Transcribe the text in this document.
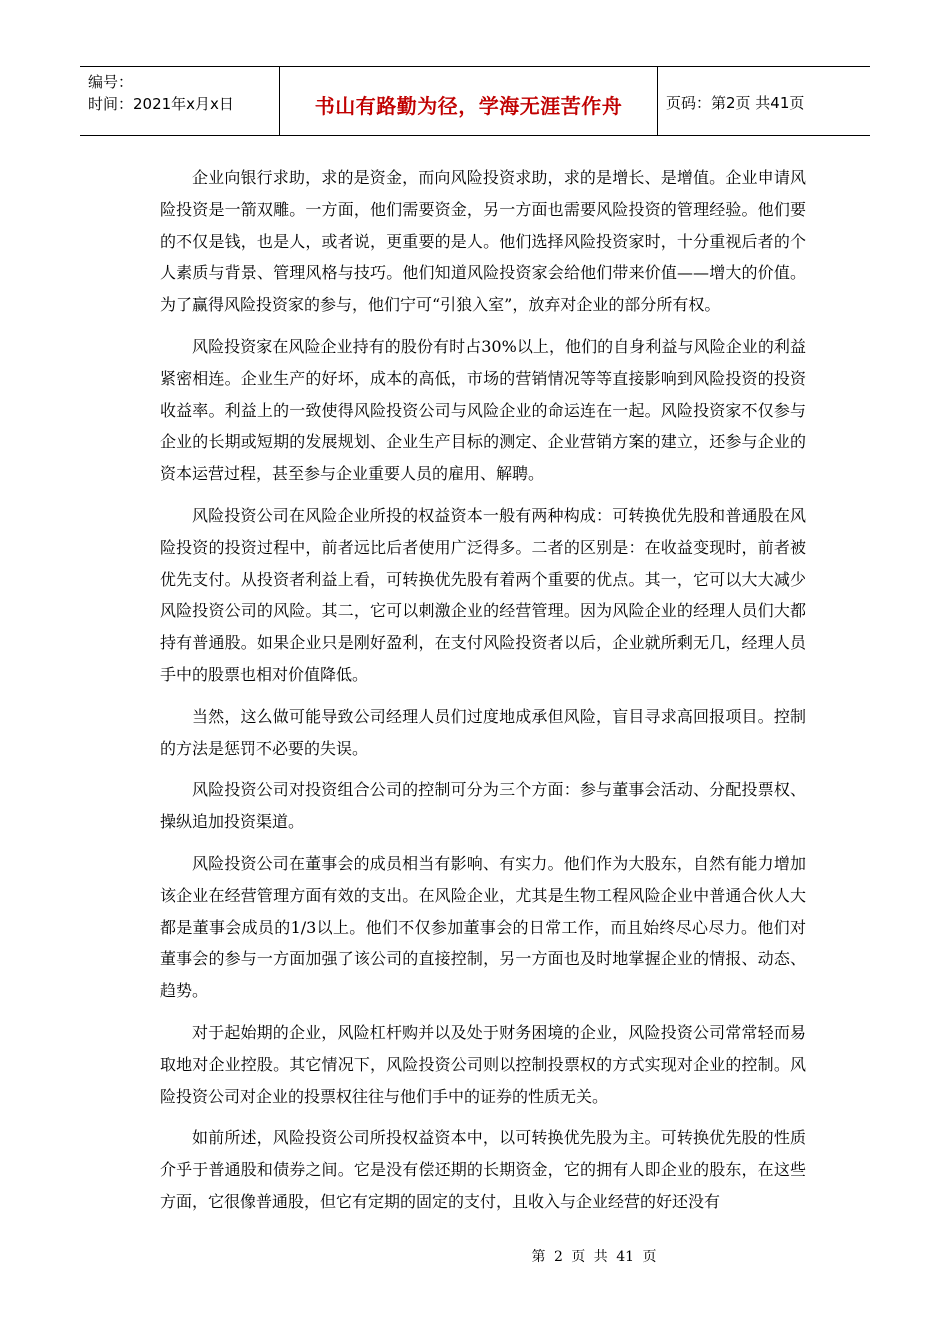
编号：
时间：2021年x月x日	书山有路勤为径，学海无涯苦作舟	页码：第2页 共41页

企业向银行求助，求的是资金，而向风险投资求助，求的是增长、是增值。企业申请风险投资是一箭双雕。一方面，他们需要资金，另一方面也需要风险投资的管理经验。他们要的不仅是钱，也是人，或者说，更重要的是人。他们选择风险投资家时，十分重视后者的个人素质与背景、管理风格与技巧。他们知道风险投资家会给他们带来价值——增大的价值。为了赢得风险投资家的参与，他们宁可“引狼入室”，放弃对企业的部分所有权。

风险投资家在风险企业持有的股份有时占30%以上，他们的自身利益与风险企业的利益紧密相连。企业生产的好坏，成本的高低，市场的营销情况等等直接影响到风险投资的投资收益率。利益上的一致使得风险投资公司与风险企业的命运连在一起。风险投资家不仅参与企业的长期或短期的发展规划、企业生产目标的测定、企业营销方案的建立，还参与企业的资本运营过程，甚至参与企业重要人员的雇用、解聘。

风险投资公司在风险企业所投的权益资本一般有两种构成：可转换优先股和普通股在风险投资的投资过程中，前者远比后者使用广泛得多。二者的区别是：在收益变现时，前者被优先支付。从投资者利益上看，可转换优先股有着两个重要的优点。其一，它可以大大减少风险投资公司的风险。其二，它可以刺激企业的经营管理。因为风险企业的经理人员们大都持有普通股。如果企业只是刚好盈利，在支付风险投资者以后，企业就所剩无几，经理人员手中的股票也相对价值降低。

当然，这么做可能导致公司经理人员们过度地成承但风险，盲目寻求高回报项目。控制的方法是惩罚不必要的失误。

风险投资公司对投资组合公司的控制可分为三个方面：参与董事会活动、分配投票权、操纵追加投资渠道。

风险投资公司在董事会的成员相当有影响、有实力。他们作为大股东，自然有能力增加该企业在经营管理方面有效的支出。在风险企业，尤其是生物工程风险企业中普通合伙人大都是董事会成员的1/3以上。他们不仅参加董事会的日常工作，而且始终尽心尽力。他们对董事会的参与一方面加强了该公司的直接控制，另一方面也及时地掌握企业的情报、动态、趋势。

对于起始期的企业，风险杠杆购并以及处于财务困境的企业，风险投资公司常常轻而易取地对企业控股。其它情况下，风险投资公司则以控制投票权的方式实现对企业的控制。风险投资公司对企业的投票权往往与他们手中的证券的性质无关。

如前所述，风险投资公司所投权益资本中，以可转换优先股为主。可转换优先股的性质介乎于普通股和债券之间。它是没有偿还期的长期资金，它的拥有人即企业的股东，在这些方面，它很像普通股，但它有定期的固定的支付，且收入与企业经营的好还没有

第 2 页 共 41 页
